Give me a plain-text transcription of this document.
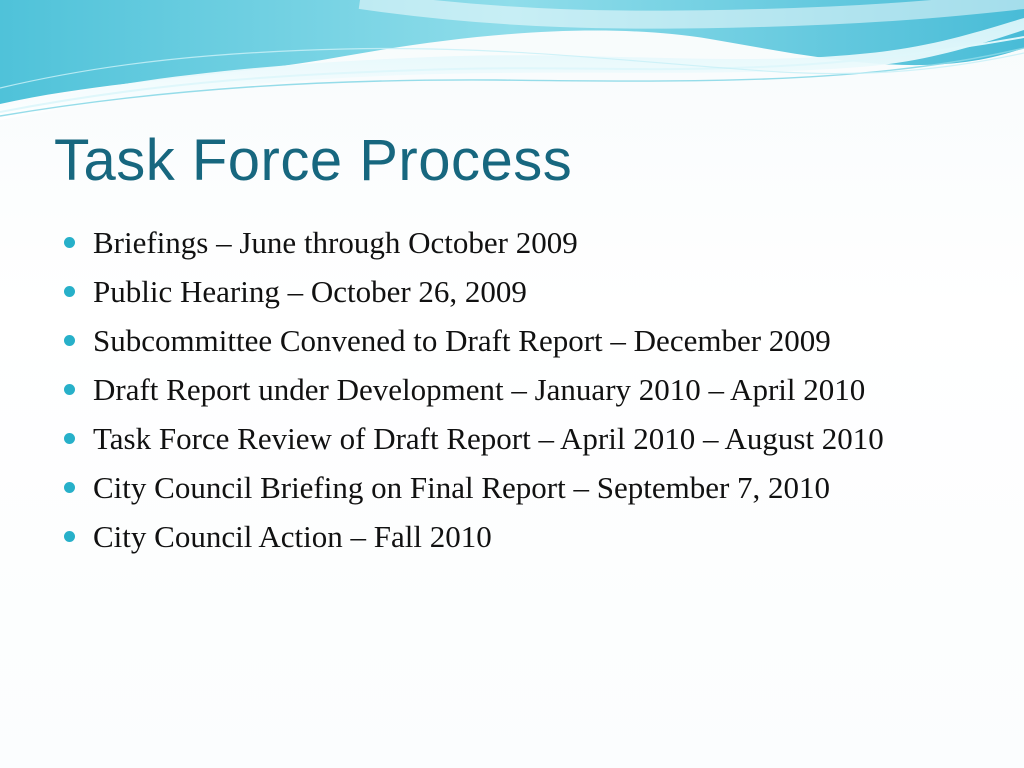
Task Force Process
Briefings – June through October 2009
Public Hearing – October 26, 2009
Subcommittee Convened to Draft Report – December 2009
Draft Report under Development – January 2010 – April 2010
Task Force Review of Draft Report – April 2010 – August 2010
City Council Briefing on Final Report – September 7, 2010
City Council Action – Fall 2010
